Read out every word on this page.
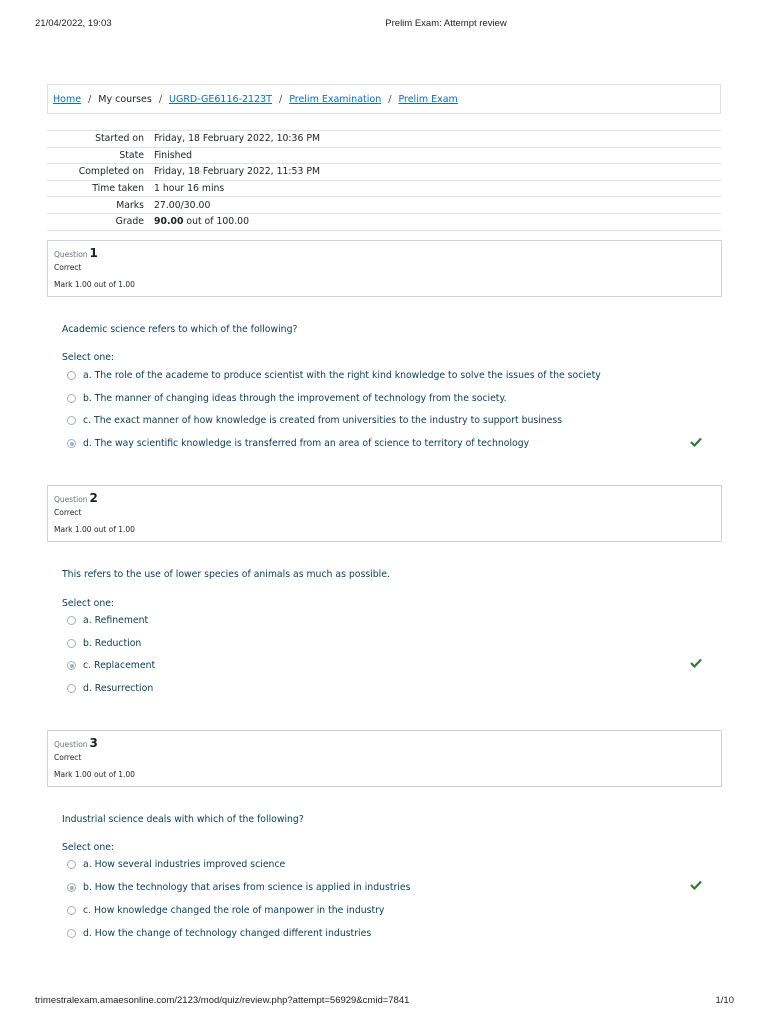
21/04/2022, 19:03	Prelim Exam: Attempt review
Home / My courses / UGRD-GE6116-2123T / Prelim Examination / Prelim Exam
Started on	Friday, 18 February 2022, 10:36 PM
State	Finished
Completed on	Friday, 18 February 2022, 11:53 PM
Time taken	1 hour 16 mins
Marks	27.00/30.00
Grade	90.00 out of 100.00
Question 1
Correct
Mark 1.00 out of 1.00
Academic science refers to which of the following?
Select one:
a. The role of the academe to produce scientist with the right kind knowledge to solve the issues of the society
b. The manner of changing ideas through the improvement of technology from the society.
c. The exact manner of how knowledge is created from universities to the industry to support business
d. The way scientific knowledge is transferred from an area of science to territory of technology
Question 2
Correct
Mark 1.00 out of 1.00
This refers to the use of lower species of animals as much as possible.
Select one:
a. Refinement
b. Reduction
c. Replacement
d. Resurrection
Question 3
Correct
Mark 1.00 out of 1.00
Industrial science deals with which of the following?
Select one:
a. How several industries improved science
b. How the technology that arises from science is applied in industries
c. How knowledge changed the role of manpower in the industry
d. How the change of technology changed different industries
trimestralexam.amaesonline.com/2123/mod/quiz/review.php?attempt=56929&cmid=7841	1/10
